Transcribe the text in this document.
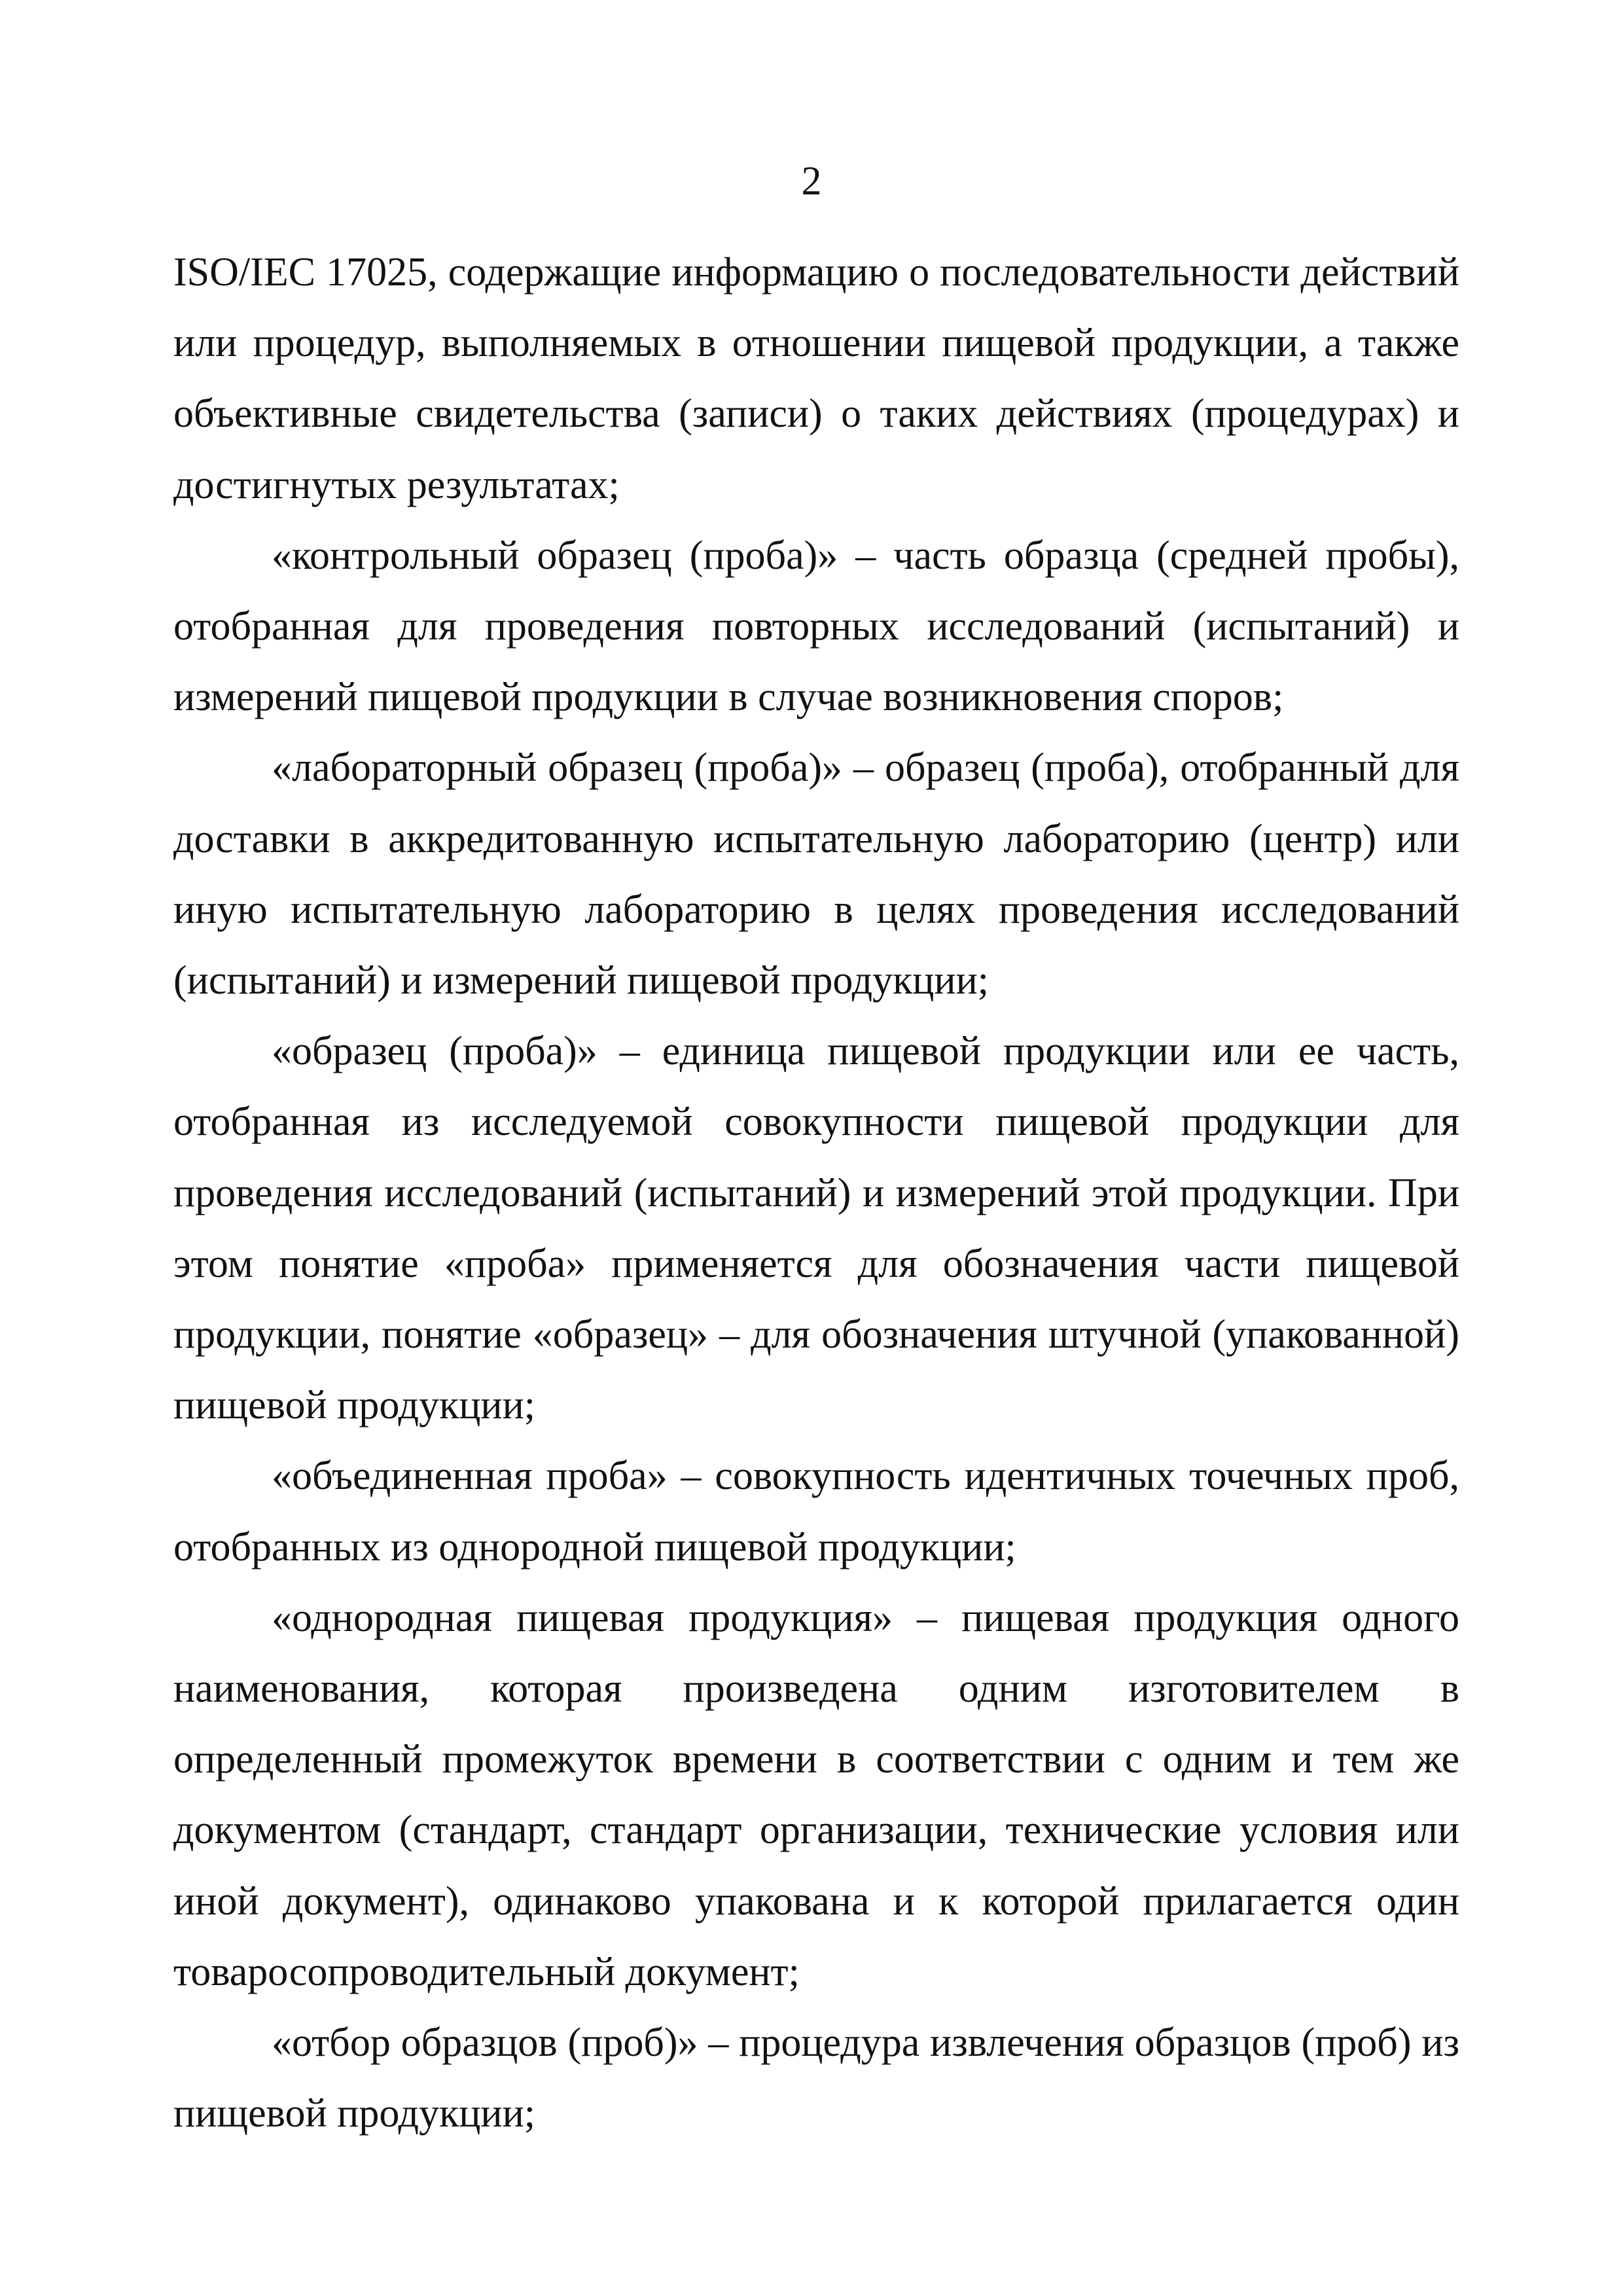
2

ISO/IEC 17025, содержащие информацию о последовательности действий или процедур, выполняемых в отношении пищевой продукции, а также объективные свидетельства (записи) о таких действиях (процедурах) и достигнутых результатах;

«контрольный образец (проба)» – часть образца (средней пробы), отобранная для проведения повторных исследований (испытаний) и измерений пищевой продукции в случае возникновения споров;

«лабораторный образец (проба)» – образец (проба), отобранный для доставки в аккредитованную испытательную лабораторию (центр) или иную испытательную лабораторию в целях проведения исследований (испытаний) и измерений пищевой продукции;

«образец (проба)» – единица пищевой продукции или ее часть, отобранная из исследуемой совокупности пищевой продукции для проведения исследований (испытаний) и измерений этой продукции. При этом понятие «проба» применяется для обозначения части пищевой продукции, понятие «образец» – для обозначения штучной (упакованной) пищевой продукции;

«объединенная проба» – совокупность идентичных точечных проб, отобранных из однородной пищевой продукции;

«однородная пищевая продукция» – пищевая продукция одного наименования, которая произведена одним изготовителем в определенный промежуток времени в соответствии с одним и тем же документом (стандарт, стандарт организации, технические условия или иной документ), одинаково упакована и к которой прилагается один товаросопроводительный документ;

«отбор образцов (проб)» – процедура извлечения образцов (проб) из пищевой продукции;
